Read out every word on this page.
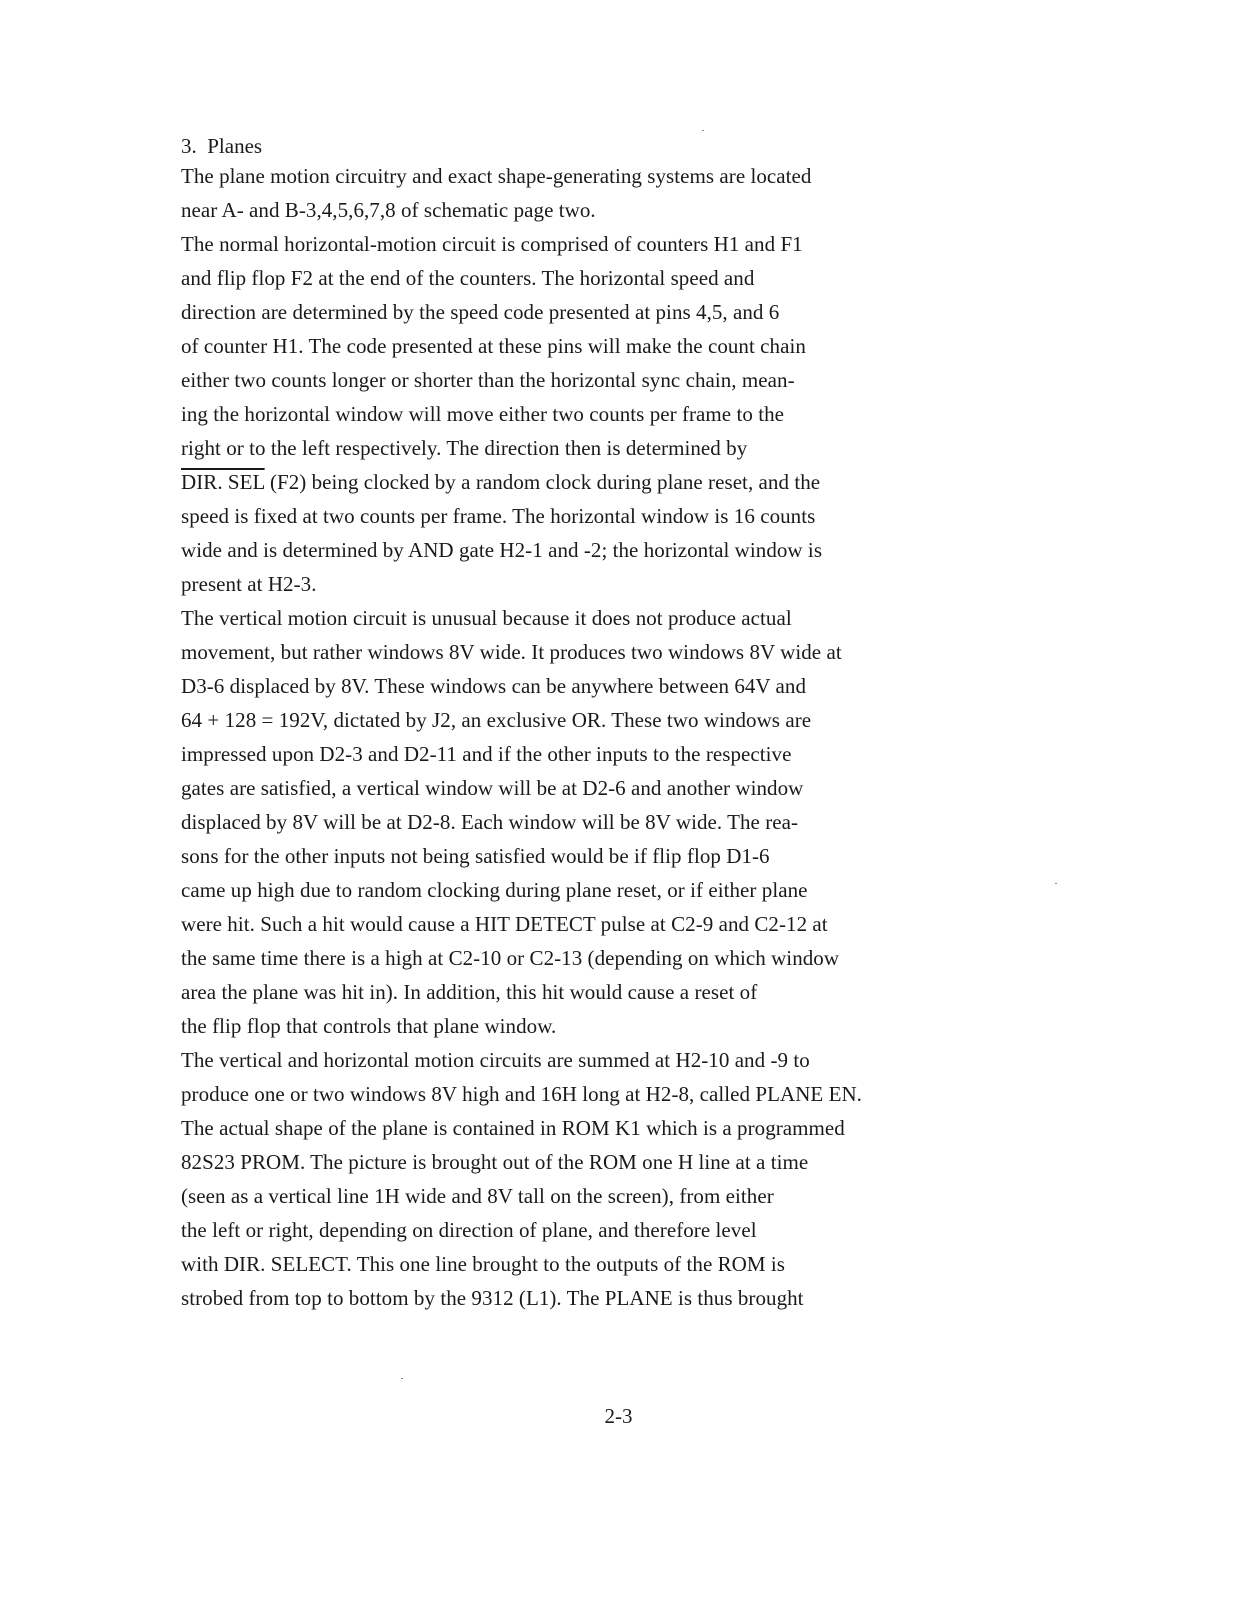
3.  Planes
The plane motion circuitry and exact shape-generating systems are located
near A- and B-3,4,5,6,7,8 of schematic page two.
The normal horizontal-motion circuit is comprised of counters H1 and F1
and flip flop F2 at the end of the counters. The horizontal speed and
direction are determined by the speed code presented at pins 4,5, and 6
of counter H1. The code presented at these pins will make the count chain
either two counts longer or shorter than the horizontal sync chain, mean-
ing the horizontal window will move either two counts per frame to the
right or to the left respectively. The direction then is determined by
DIR. SEL (F2) being clocked by a random clock during plane reset, and the
speed is fixed at two counts per frame. The horizontal window is 16 counts
wide and is determined by AND gate H2-1 and -2; the horizontal window is
present at H2-3.
The vertical motion circuit is unusual because it does not produce actual
movement, but rather windows 8V wide. It produces two windows 8V wide at
D3-6 displaced by 8V. These windows can be anywhere between 64V and
64 + 128 = 192V, dictated by J2, an exclusive OR. These two windows are
impressed upon D2-3 and D2-11 and if the other inputs to the respective
gates are satisfied, a vertical window will be at D2-6 and another window
displaced by 8V will be at D2-8. Each window will be 8V wide. The rea-
sons for the other inputs not being satisfied would be if flip flop D1-6
came up high due to random clocking during plane reset, or if either plane
were hit. Such a hit would cause a HIT DETECT pulse at C2-9 and C2-12 at
the same time there is a high at C2-10 or C2-13 (depending on which window
area the plane was hit in). In addition, this hit would cause a reset of
the flip flop that controls that plane window.
The vertical and horizontal motion circuits are summed at H2-10 and -9 to
produce one or two windows 8V high and 16H long at H2-8, called PLANE EN.
The actual shape of the plane is contained in ROM K1 which is a programmed
82S23 PROM. The picture is brought out of the ROM one H line at a time
(seen as a vertical line 1H wide and 8V tall on the screen), from either
the left or right, depending on direction of plane, and therefore level
with DIR. SELECT. This one line brought to the outputs of the ROM is
strobed from top to bottom by the 9312 (L1). The PLANE is thus brought
2-3
